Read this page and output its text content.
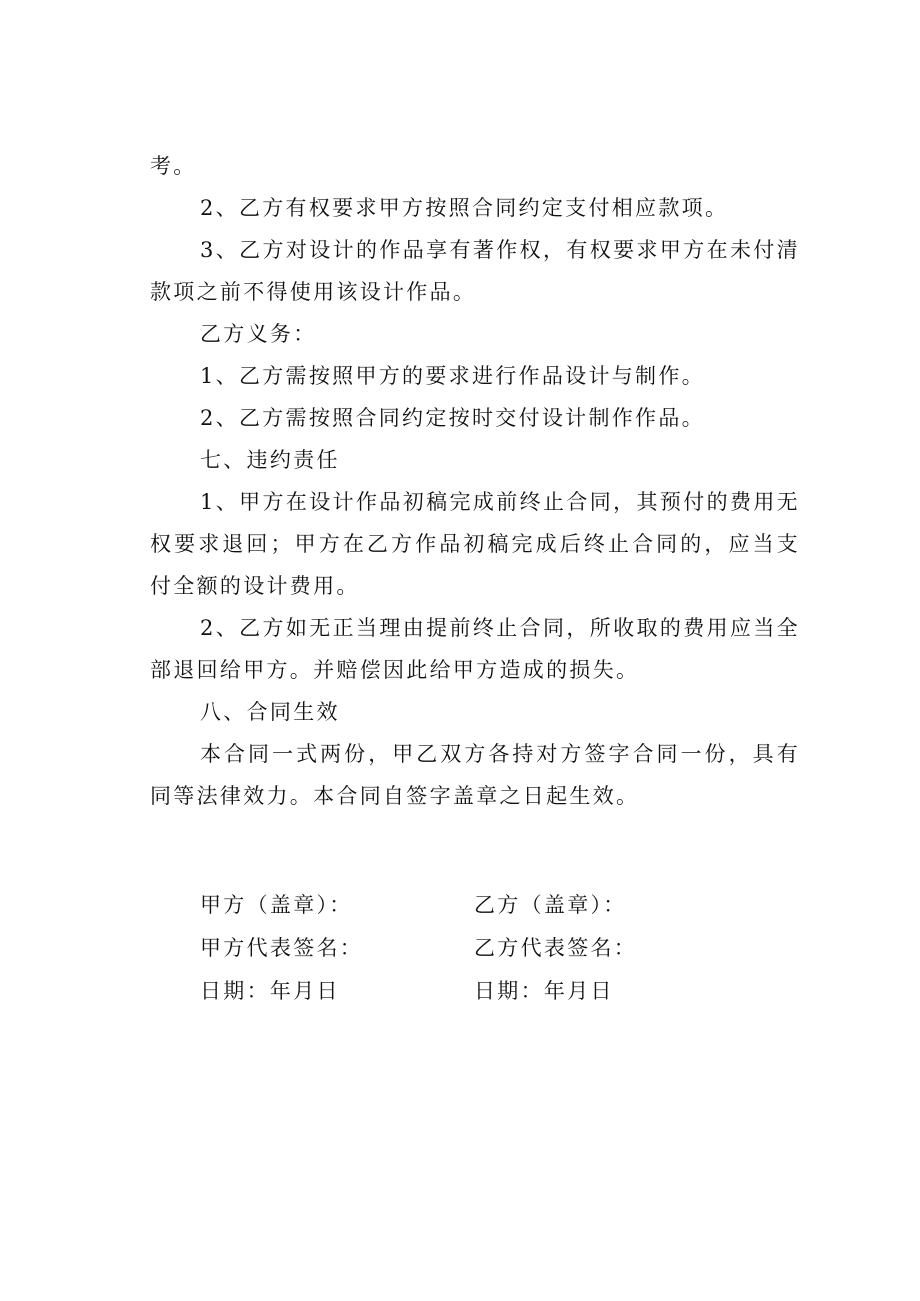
考。

2、乙方有权要求甲方按照合同约定支付相应款项。

3、乙方对设计的作品享有著作权，有权要求甲方在未付清款项之前不得使用该设计作品。

乙方义务：

1、乙方需按照甲方的要求进行作品设计与制作。

2、乙方需按照合同约定按时交付设计制作作品。

七、违约责任

1、甲方在设计作品初稿完成前终止合同，其预付的费用无权要求退回；甲方在乙方作品初稿完成后终止合同的，应当支付全额的设计费用。

2、乙方如无正当理由提前终止合同，所收取的费用应当全部退回给甲方。并赔偿因此给甲方造成的损失。

八、合同生效

本合同一式两份，甲乙双方各持对方签字合同一份，具有同等法律效力。本合同自签字盖章之日起生效。

甲方（盖章）：	乙方（盖章）：
甲方代表签名：	乙方代表签名：
日期：年月日	日期：年月日
